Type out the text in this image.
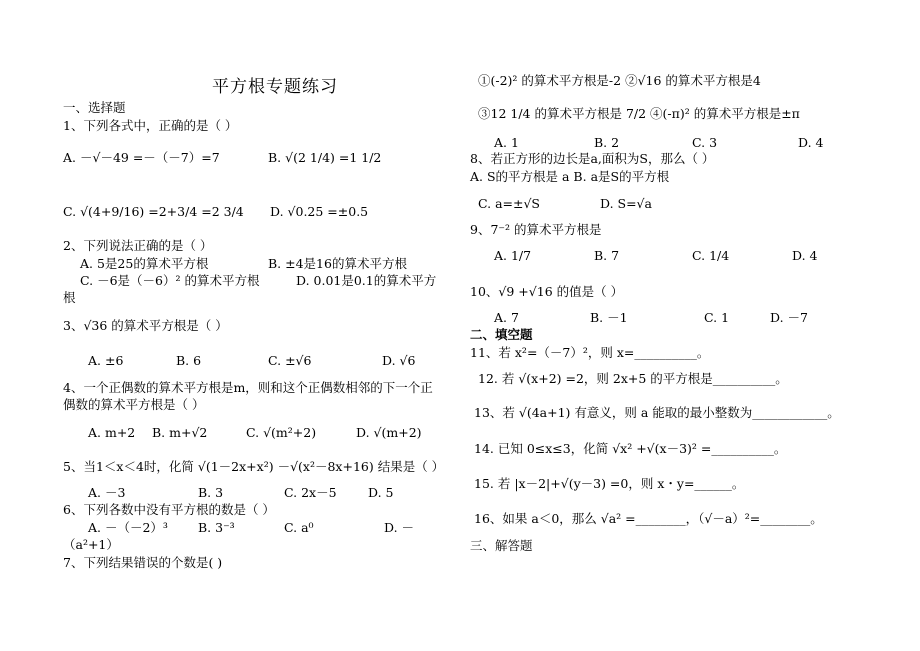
平方根专题练习
一、选择题
1、下列各式中，正确的是（ ）
A. －√－49 =－（－7）=7	B. √(2 1/4) =1 1/2
C. √(4+9/16) =2+3/4 =2 3/4 D. √0.25 =±0.5
2、下列说法正确的是（ ）
A. 5是25的算术平方根	B. ±4是16的算术平方根
C. －6是（－6）² 的算术平方根	D. 0.01是0.1的算术平方
根
3、√36 的算术平方根是（ ）
A. ±6	B. 6	C. ±√6	D. √6
4、一个正偶数的算术平方根是m，则和这个正偶数相邻的下一个正
偶数的算术平方根是（ ）
A. m+2 B. m+√2	C. √(m²+2)	D. √(m+2)
5、当1＜x＜4时，化简 √(1－2x+x²) －√(x²－8x+16) 结果是（ ）
A. －3	B. 3	C. 2x－5	D. 5
6、下列各数中没有平方根的数是（ ）
A. －（－2）³ B. 3⁻³	C. a⁰	D. －
（a²+1）
7、下列结果错误的个数是( )
①(-2)² 的算术平方根是-2 ②√16 的算术平方根是4
③12 1/4 的算术平方根是 7/2 ④(-π)² 的算术平方根是±π
A. 1	B. 2	C. 3	D. 4
8、若正方形的边长是a,面积为S，那么（ ）
A. S的平方根是 a B. a是S的平方根
C. a=±√S	D. S=√a
9、7⁻² 的算术平方根是
A. 1/7	B. 7	C. 1/4	D. 4
10、√9 +√16 的值是（ ）
A. 7	B. －1	C. 1	D. －7
二、填空题
11、若 x²=（－7）²，则 x=__________。
12. 若 √(x+2) =2，则 2x+5 的平方根是__________。
13、若 √(4a+1) 有意义，则 a 能取的最小整数为____________。
14. 已知 0≤x≤3，化简 √x² +√(x－3)² =__________。
15. 若 |x－2|+√(y－3) =0，则 x・y=______。
16、如果 a＜0，那么 √a² =________，（√－a）²=________。
三、解答题
